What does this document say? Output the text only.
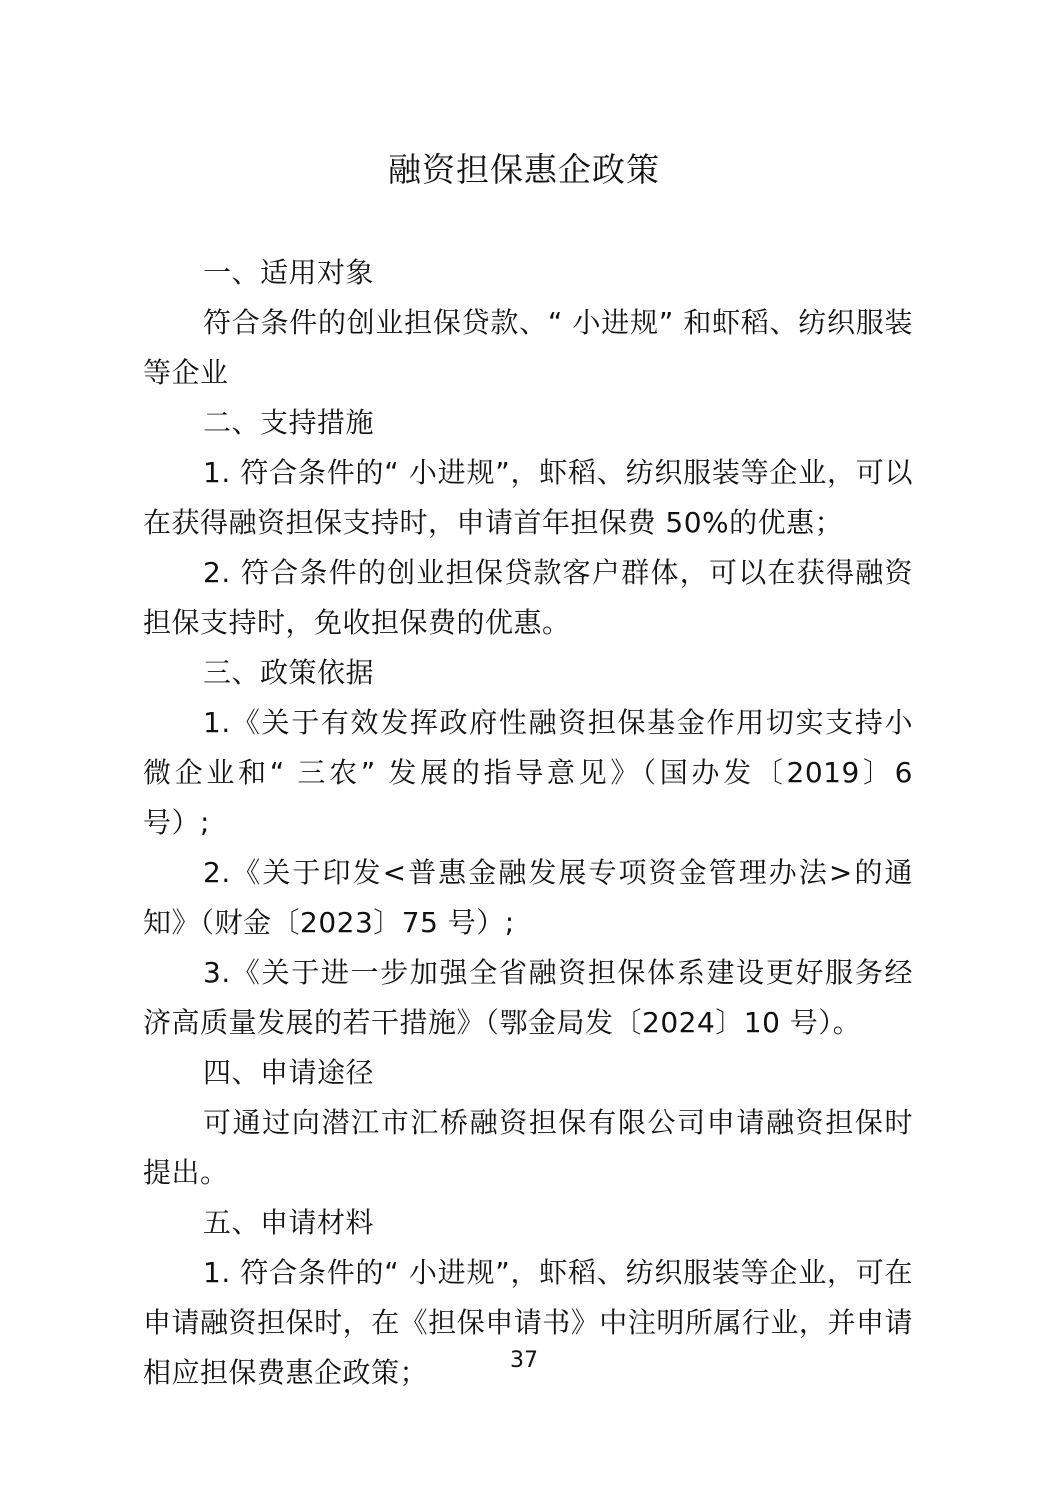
融资担保惠企政策

一、适用对象

符合条件的创业担保贷款、“ 小进规” 和虾稻、纺织服装等企业

二、支持措施

1. 符合条件的“ 小进规”，虾稻、纺织服装等企业，可以在获得融资担保支持时，申请首年担保费 50%的优惠；

2. 符合条件的创业担保贷款客户群体，可以在获得融资担保支持时，免收担保费的优惠。

三、政策依据

1.《关于有效发挥政府性融资担保基金作用切实支持小微企业和“ 三农” 发展的指导意见》（国办发〔2019〕6 号）;

2.《关于印发<普惠金融发展专项资金管理办法>的通知》（财金〔2023〕75 号）;

3.《关于进一步加强全省融资担保体系建设更好服务经济高质量发展的若干措施》（鄂金局发〔2024〕10 号）。

四、申请途径

可通过向潜江市汇桥融资担保有限公司申请融资担保时提出。

五、申请材料

1. 符合条件的“ 小进规”，虾稻、纺织服装等企业，可在申请融资担保时，在《担保申请书》中注明所属行业，并申请相应担保费惠企政策；	37
